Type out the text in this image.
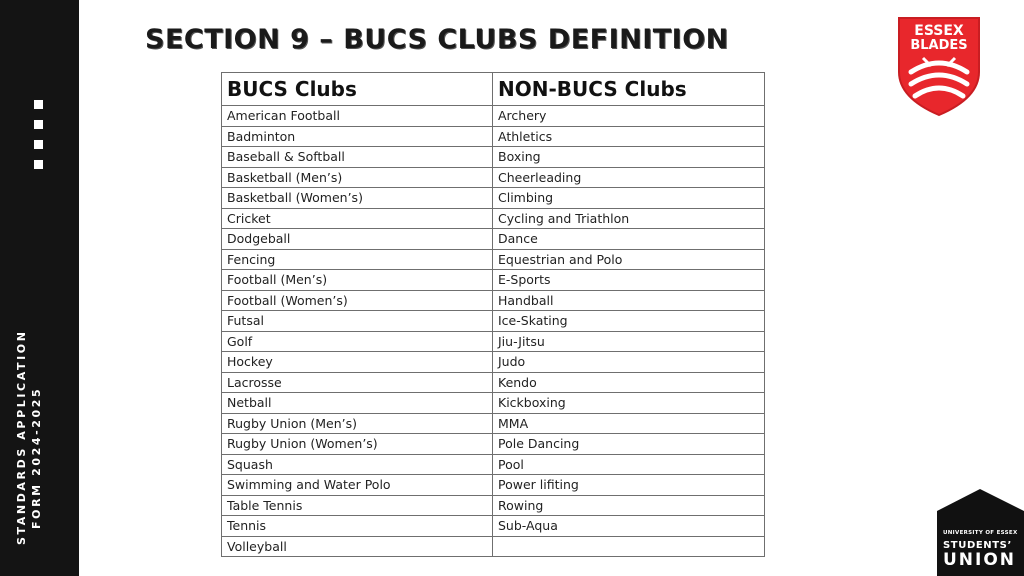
STANDARDS APPLICATION FORM 2024-2025
SECTION 9 – BUCS CLUBS DEFINITION	ESSEX
BLADES
BUCS Clubs	NON-BUCS Clubs
American Football	Archery
Badminton	Athletics
Baseball & Softball	Boxing
Basketball (Men’s)	Cheerleading
Basketball (Women’s)	Climbing
Cricket	Cycling and Triathlon
Dodgeball	Dance
Fencing	Equestrian and Polo
Football (Men’s)	E-Sports
Football (Women’s)	Handball
Futsal	Ice-Skating
Golf	Jiu-Jitsu
Hockey	Judo
Lacrosse	Kendo
Netball	Kickboxing
Rugby Union (Men’s)	MMA
Rugby Union (Women’s)	Pole Dancing
Squash	Pool
Swimming and Water Polo	Power lifiting
Table Tennis	Rowing
Tennis	Sub-Aqua
Volleyball	
UNIVERSITY OF ESSEX
STUDENTS’
UNION
